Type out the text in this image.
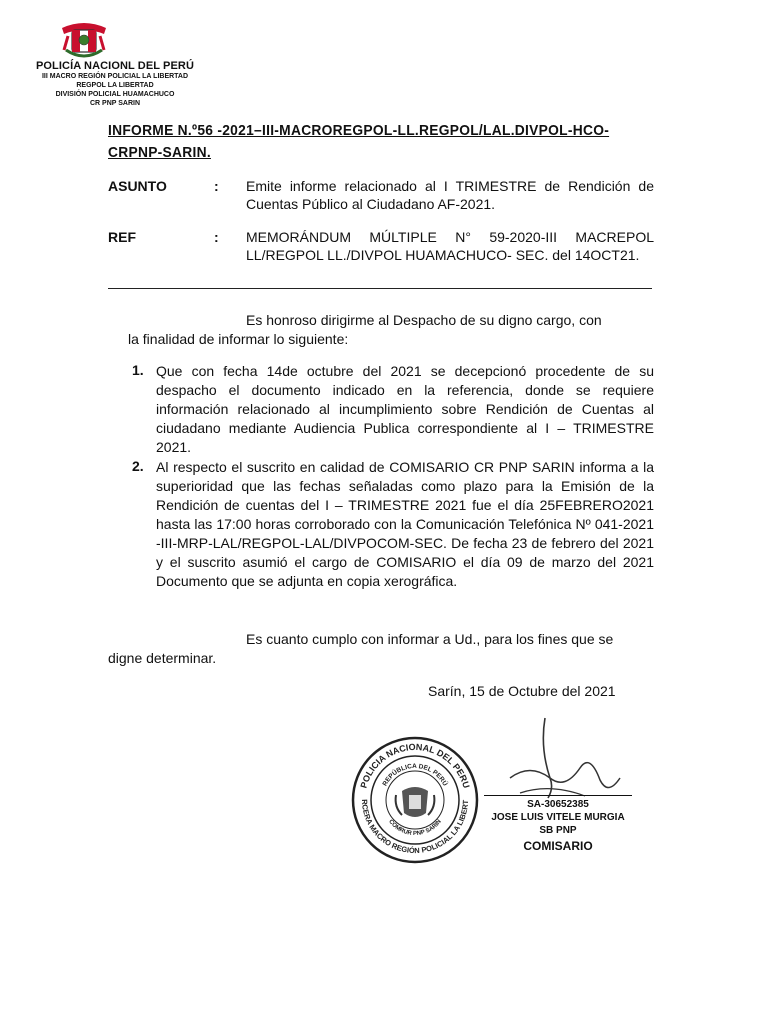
POLICÍA NACIONL DEL PERÚ
III MACRO REGIÓN POLICIAL LA LIBERTAD
REGPOL LA LIBERTAD
DIVISIÓN POLICIAL HUAMACHUCO
CR PNP SARIN
INFORME N.º56 -2021–III-MACROREGPOL-LL.REGPOL/LAL.DIVPOL-HCO-CRPNP-SARIN.
ASUNTO	: Emite informe relacionado al I TRIMESTRE de Rendición de Cuentas Público al Ciudadano AF-2021.
REF	: MEMORÁNDUM MÚLTIPLE N° 59-2020-III MACREPOL LL/REGPOL LL./DIVPOL HUAMACHUCO- SEC. del 14OCT21.
Es honroso dirigirme al Despacho de su digno cargo, con
la finalidad de informar lo siguiente:
1. Que con fecha 14de octubre del 2021 se decepcionó procedente de su despacho el documento indicado en la referencia, donde se requiere información relacionado al incumplimiento sobre Rendición de Cuentas al ciudadano mediante Audiencia Publica correspondiente al I – TRIMESTRE 2021.
2. Al respecto el suscrito en calidad de COMISARIO CR PNP SARIN informa a la superioridad que las fechas señaladas como plazo para la Emisión de la Rendición de cuentas del I – TRIMESTRE 2021 fue el día 25FEBRERO2021 hasta las 17:00 horas corroborado con la Comunicación Telefónica Nº 041-2021 -III-MRP-LAL/REGPOL-LAL/DIVPOCOM-SEC. De fecha 23 de febrero del 2021 y el suscrito asumió el cargo de COMISARIO el día 09 de marzo del 2021 Documento que se adjunta en copia xerográfica.
Es cuanto cumplo con informar a Ud., para los fines que se
digne determinar.
Sarín, 15 de Octubre del 2021
POLICIA NACIONAL DEL PERU
RCERA MACRO REGIÓN POLICIAL LA LIBERT
REPÚBLICA DEL PERÚ
COMRUR PNP SARIN
SA-30652385
JOSE LUIS VITELE MURGIA
SB PNP
COMISARIO
